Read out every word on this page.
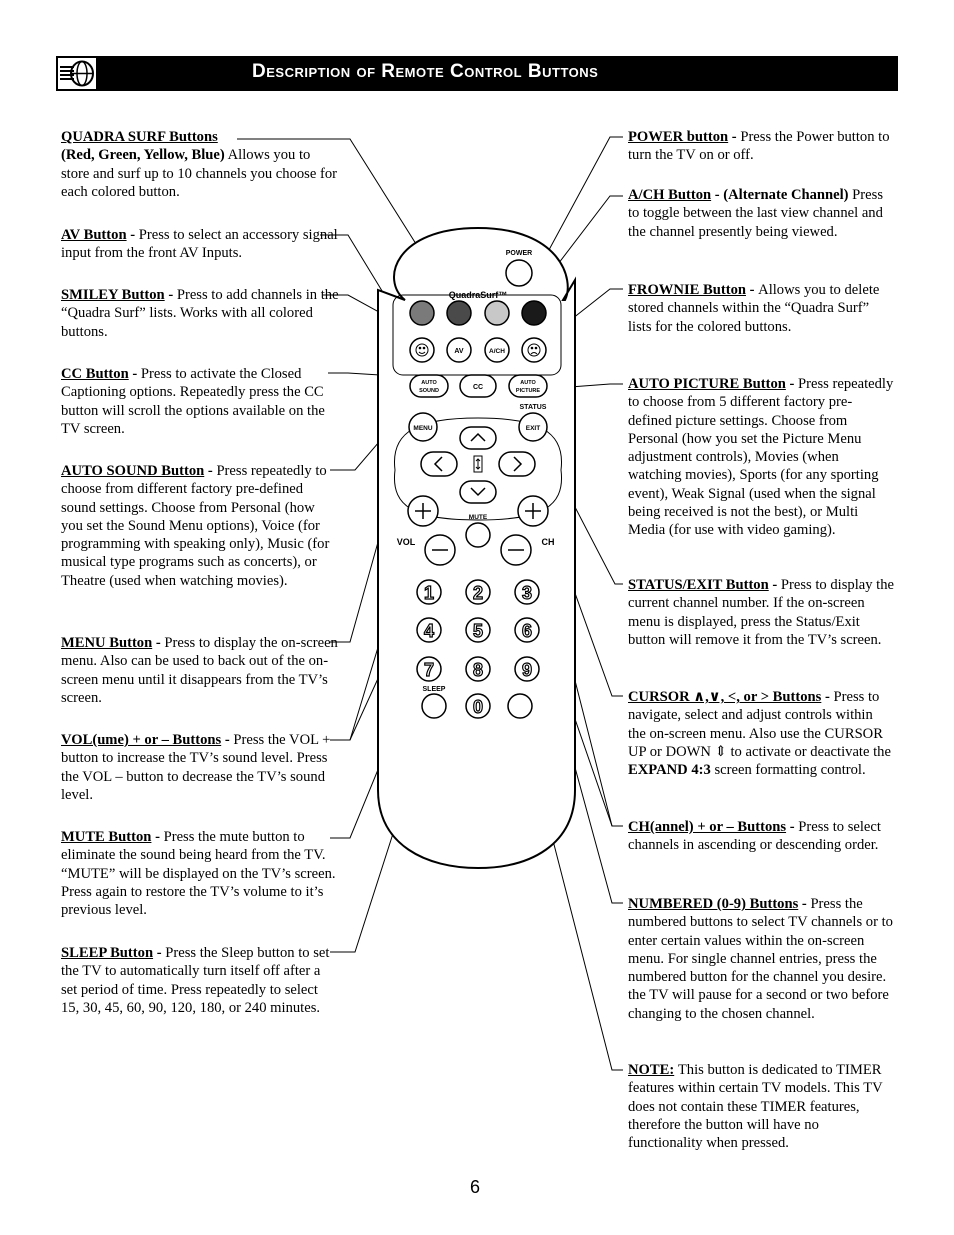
Description of Remote Control Buttons
POWER
QuadraSurf™
AV	A/CH
AUTO
SOUND	CC
AUTO
PICTURE
STATUS
MENU	EXIT
VOL	CH
MUTE
1 2 3
4 5 6
7 8 9
0
SLEEP
QUADRA SURF Buttons
(Red, Green, Yellow, Blue) Allows you to store and surf up to 10 channels you choose for each colored button.
AV Button - Press to select an accessory signal input from the front AV Inputs.
SMILEY Button - Press to add channels in the “Quadra Surf” lists. Works with all colored buttons.
CC Button - Press to activate the Closed Captioning options. Repeatedly press the CC button will scroll the options available on the TV screen.
AUTO SOUND Button - Press repeatedly to choose from different factory pre-defined sound settings. Choose from Personal (how you set the Sound Menu options), Voice (for programming with speaking only), Music (for musical type programs such as concerts), or Theatre (used when watching movies).
MENU Button - Press to display the on-screen menu. Also can be used to back out of the on-screen menu until it disappears from the TV’s screen.
VOL(ume) + or – Buttons - Press the VOL + button to increase the TV’s sound level. Press the VOL – button to decrease the TV’s sound level.
MUTE Button - Press the mute button to eliminate the sound being heard from the TV. “MUTE” will be displayed on the TV’s screen. Press again to restore the TV’s volume to it’s previous level.
SLEEP Button - Press the Sleep button to set the TV to automatically turn itself off after a set period of time. Press repeatedly to select 15, 30, 45, 60, 90, 120, 180, or 240 minutes.
POWER button - Press the Power button to turn the TV on or off.
A/CH Button - (Alternate Channel) Press to toggle between the last view channel and the channel presently being viewed.
FROWNIE Button - Allows you to delete stored channels within the “Quadra Surf” lists for the colored buttons.
AUTO PICTURE Button - Press repeatedly to choose from 5 different factory pre-defined picture settings. Choose from Personal (how you set the Picture Menu adjustment controls), Movies (when watching movies), Sports (for any sporting event), Weak Signal (used when the signal being received is not the best), or Multi Media (for use with video gaming).
STATUS/EXIT Button - Press to display the current channel number. If the on-screen menu is displayed, press the Status/Exit button will remove it from the TV’s screen.
CURSOR ∧,∨, <, or > Buttons - Press to navigate, select and adjust controls within the on-screen menu. Also use the CURSOR UP or DOWN ⇕ to activate or deactivate the EXPAND 4:3 screen formatting control.
CH(annel) + or – Buttons - Press to select channels in ascending or descending order.
NUMBERED (0-9) Buttons - Press the numbered buttons to select TV channels or to enter certain values within the on-screen menu. For single channel entries, press the numbered button for the channel you desire. the TV will pause for a second or two before changing to the chosen channel.
NOTE: This button is dedicated to TIMER features within certain TV models. This TV does not contain these TIMER features, therefore the button will have no functionality when pressed.
6
